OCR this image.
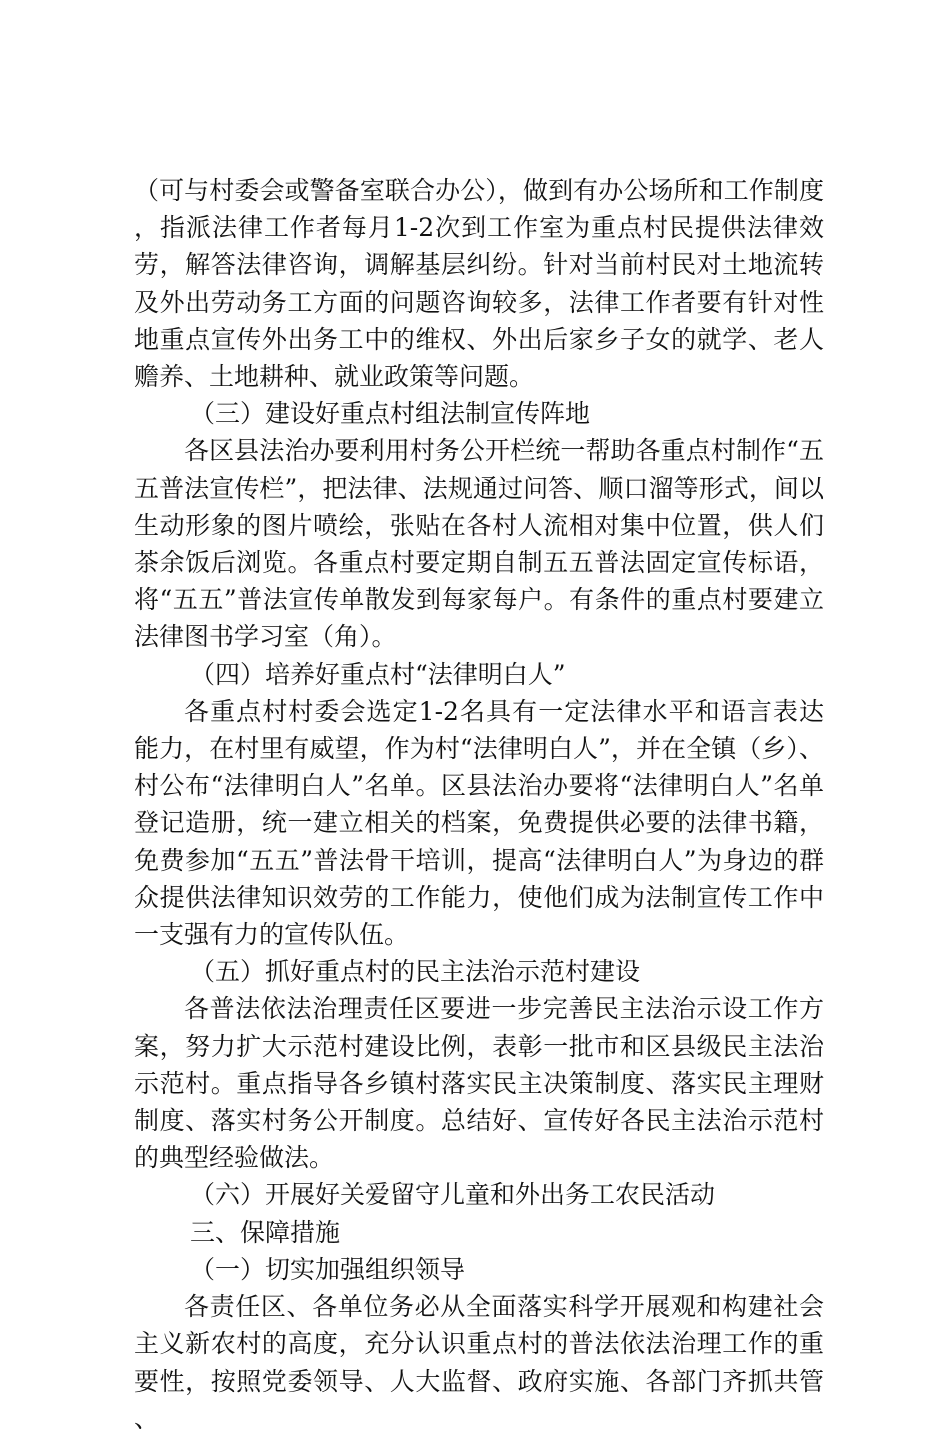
（可与村委会或警备室联合办公），做到有办公场所和工作制度，指派法律工作者每月1-2次到工作室为重点村民提供法律效劳，解答法律咨询，调解基层纠纷。针对当前村民对土地流转及外出劳动务工方面的问题咨询较多，法律工作者要有针对性地重点宣传外出务工中的维权、外出后家乡子女的就学、老人赡养、土地耕种、就业政策等问题。

（三）建设好重点村组法制宣传阵地

各区县法治办要利用村务公开栏统一帮助各重点村制作“五五普法宣传栏”，把法律、法规通过问答、顺口溜等形式，间以生动形象的图片喷绘，张贴在各村人流相对集中位置，供人们茶余饭后浏览。各重点村要定期自制五五普法固定宣传标语，将“五五”普法宣传单散发到每家每户。有条件的重点村要建立法律图书学习室（角）。

（四）培养好重点村“法律明白人”

各重点村村委会选定1-2名具有一定法律水平和语言表达能力，在村里有威望，作为村“法律明白人”，并在全镇（乡）、村公布“法律明白人”名单。区县法治办要将“法律明白人”名单登记造册，统一建立相关的档案，免费提供必要的法律书籍，免费参加“五五”普法骨干培训，提高“法律明白人”为身边的群众提供法律知识效劳的工作能力，使他们成为法制宣传工作中一支强有力的宣传队伍。

（五）抓好重点村的民主法治示范村建设

各普法依法治理责任区要进一步完善民主法治示设工作方案，努力扩大示范村建设比例，表彰一批市和区县级民主法治示范村。重点指导各乡镇村落实民主决策制度、落实民主理财制度、落实村务公开制度。总结好、宣传好各民主法治示范村的典型经验做法。

（六）开展好关爱留守儿童和外出务工农民活动

三、保障措施

（一）切实加强组织领导

各责任区、各单位务必从全面落实科学开展观和构建社会主义新农村的高度，充分认识重点村的普法依法治理工作的重要性，按照党委领导、人大监督、政府实施、各部门齐抓共管、
